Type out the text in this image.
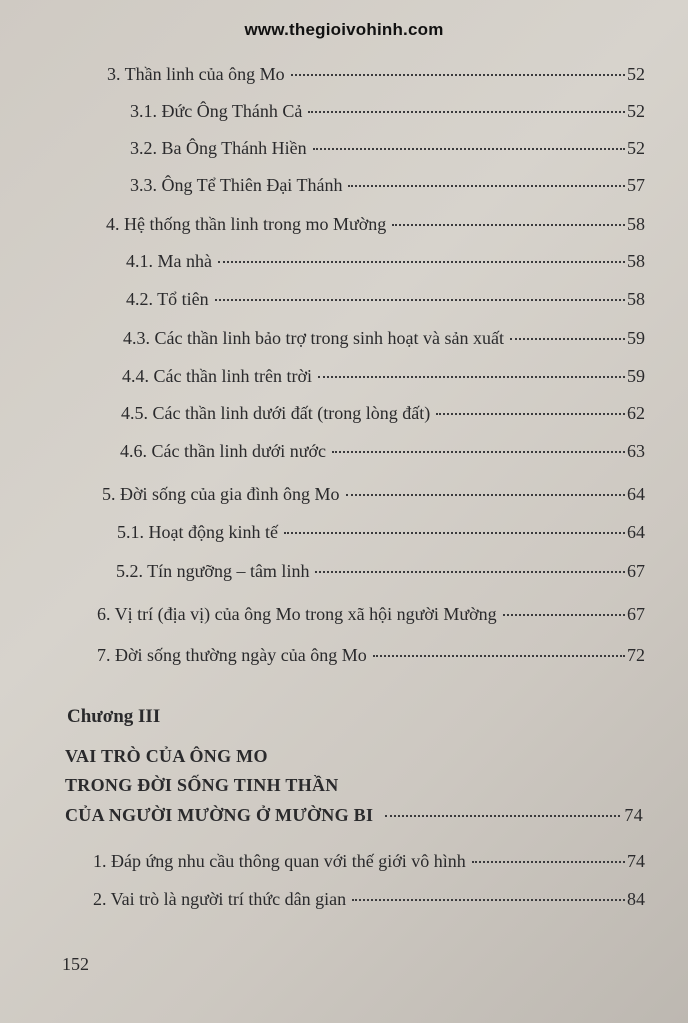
www.thegioivohinh.com
3. Thần linh của ông Mo	52
3.1. Đức Ông Thánh Cả	52
3.2. Ba Ông Thánh Hiền	52
3.3. Ông Tể Thiên Đại Thánh	57
4. Hệ thống thần linh trong mo Mường	58
4.1. Ma nhà	58
4.2. Tổ tiên	58
4.3. Các thần linh bảo trợ trong sinh hoạt và sản xuất	59
4.4. Các thần linh trên trời	59
4.5. Các thần linh dưới đất (trong lòng đất)	62
4.6. Các thần linh dưới nước	63
5. Đời sống của gia đình ông Mo	64
5.1. Hoạt động kinh tế	64
5.2. Tín ngưỡng – tâm linh	67
6. Vị trí (địa vị) của ông Mo trong xã hội người Mường	67
7. Đời sống thường ngày của ông Mo	72
Chương III
VAI TRÒ CỦA ÔNG MO
TRONG ĐỜI SỐNG TINH THẦN
CỦA NGƯỜI MƯỜNG Ở MƯỜNG BI	74
1. Đáp ứng nhu cầu thông quan với thế giới vô hình	74
2. Vai trò là người trí thức dân gian	84
152
